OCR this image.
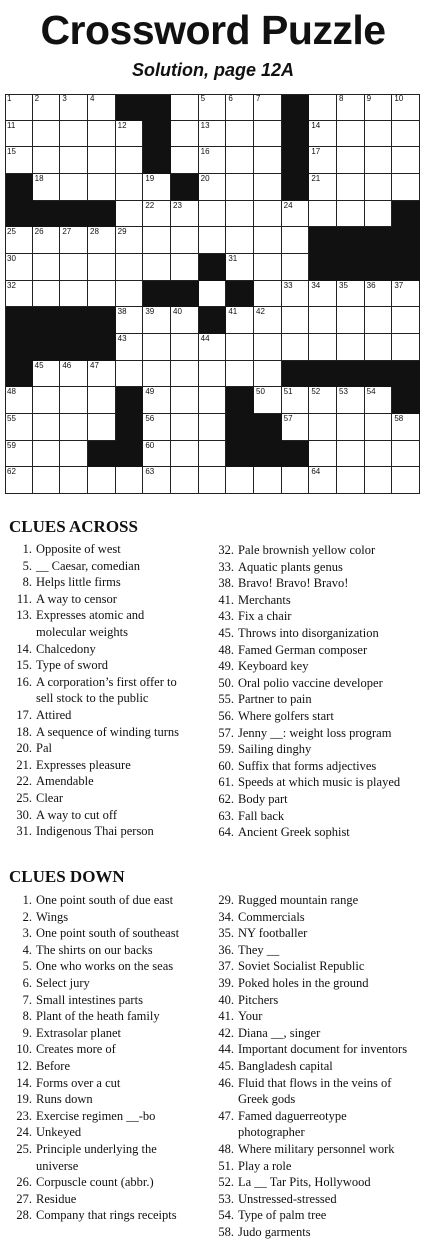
Crossword Puzzle
Solution, page 12A
1	2	3	4	5	6	7	8	9	10
11	12	13	14
15	16	17
18	19	20	21
22 23	24
25 26 27 28 29
30	31
32	33 34 35 36 37
38 39 40	41 42
43	44
45 46 47
48	49	50 51 52 53 54
55	56	57	58
59	60
62	63	64
CLUES ACROSS
1. Opposite of west
5. __ Caesar, comedian
8. Helps little firms
11. A way to censor
13. Expresses atomic and
molecular weights
14. Chalcedony
15. Type of sword
16. A corporation’s first offer to
sell stock to the public
17. Attired
18. A sequence of winding turns
20. Pal
21. Expresses pleasure
22. Amendable
25. Clear
30. A way to cut off
31. Indigenous Thai person
32. Pale brownish yellow color
33. Aquatic plants genus
38. Bravo! Bravo! Bravo!
41. Merchants
43. Fix a chair
45. Throws into disorganization
48. Famed German composer
49. Keyboard key
50. Oral polio vaccine developer
55. Partner to pain
56. Where golfers start
57. Jenny __: weight loss program
59. Sailing dinghy
60. Suffix that forms adjectives
61. Speeds at which music is played
62. Body part
63. Fall back
64. Ancient Greek sophist
CLUES DOWN
1. One point south of due east
2. Wings
3. One point south of southeast
4. The shirts on our backs
5. One who works on the seas
6. Select jury
7. Small intestines parts
8. Plant of the heath family
9. Extrasolar planet
10. Creates more of
12. Before
14. Forms over a cut
19. Runs down
23. Exercise regimen __-bo
24. Unkeyed
25. Principle underlying the
universe
26. Corpuscle count (abbr.)
27. Residue
28. Company that rings receipts
29. Rugged mountain range
34. Commercials
35. NY footballer
36. They __
37. Soviet Socialist Republic
39. Poked holes in the ground
40. Pitchers
41. Your
42. Diana __, singer
44. Important document for inventors
45. Bangladesh capital
46. Fluid that flows in the veins of
Greek gods
47. Famed daguerreotype
photographer
48. Where military personnel work
51. Play a role
52. La __ Tar Pits, Hollywood
53. Unstressed-stressed
54. Type of palm tree
58. Judo garments
